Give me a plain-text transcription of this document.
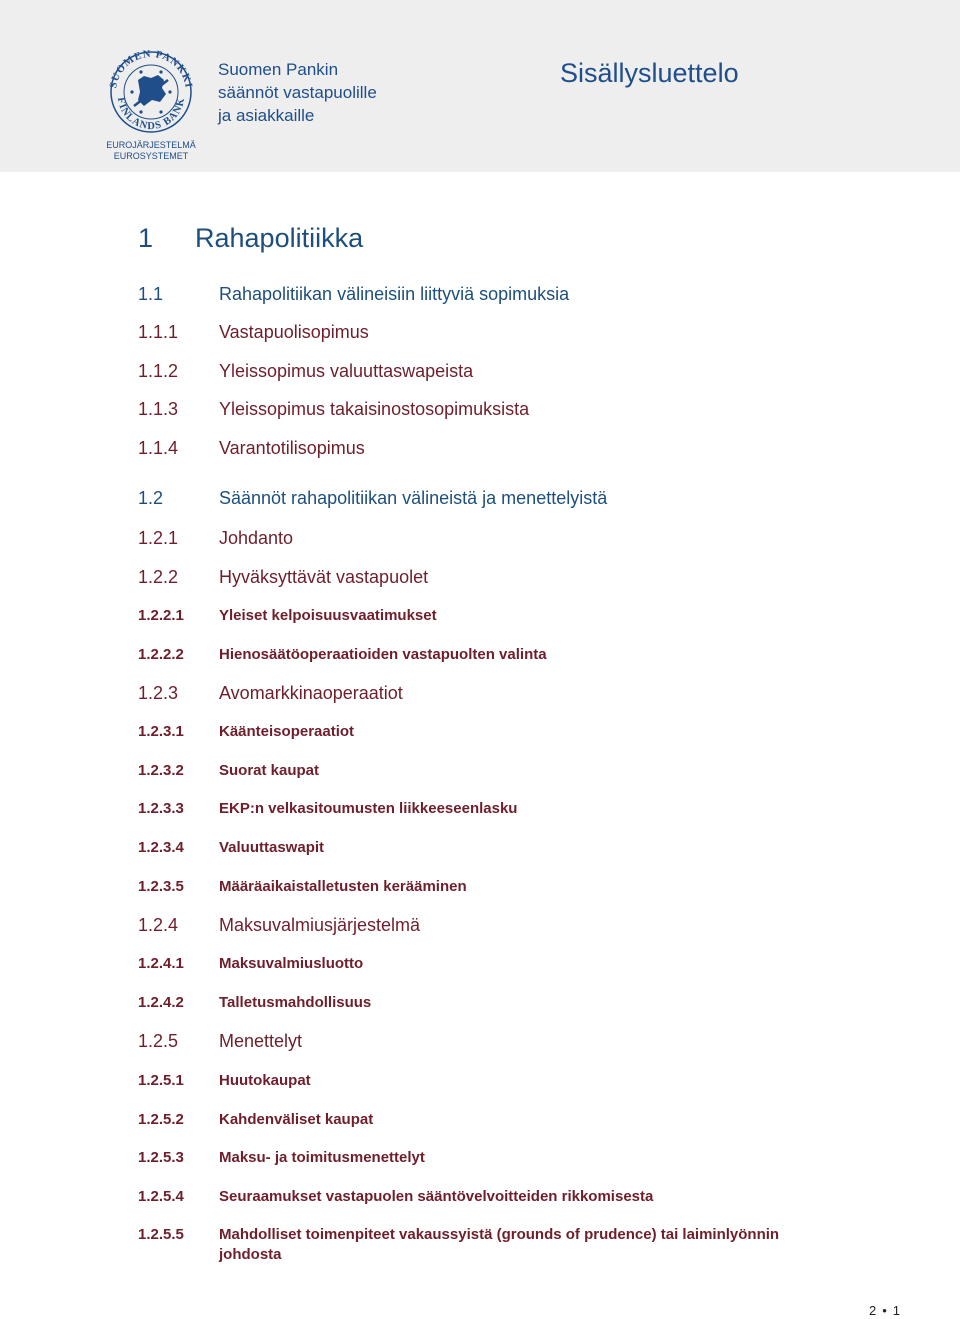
SUOMEN PANKKI
FINLANDS BANK
EUROJÄRJESTELMÄ
EUROSYSTEMET
Suomen Pankin
säännöt vastapuolille
ja asiakkaille
Sisällysluettelo
1 Rahapolitiikka
1.1	Rahapolitiikan välineisiin liittyviä sopimuksia
1.1.1 Vastapuolisopimus
1.1.2 Yleissopimus valuuttaswapeista
1.1.3 Yleissopimus takaisinostosopimuksista
1.1.4 Varantotilisopimus
1.2	Säännöt rahapolitiikan välineistä ja menettelyistä
1.2.1 Johdanto
1.2.2 Hyväksyttävät vastapuolet
1.2.2.1 Yleiset kelpoisuusvaatimukset
1.2.2.2 Hienosäätöoperaatioiden vastapuolten valinta
1.2.3 Avomarkkinaoperaatiot
1.2.3.1 Käänteisoperaatiot
1.2.3.2 Suorat kaupat
1.2.3.3 EKP:n velkasitoumusten liikkeeseenlasku
1.2.3.4 Valuuttaswapit
1.2.3.5 Määräaikaistalletusten kerääminen
1.2.4 Maksuvalmiusjärjestelmä
1.2.4.1 Maksuvalmiusluotto
1.2.4.2 Talletusmahdollisuus
1.2.5 Menettelyt
1.2.5.1 Huutokaupat
1.2.5.2 Kahdenväliset kaupat
1.2.5.3 Maksu- ja toimitusmenettelyt
1.2.5.4 Seuraamukset vastapuolen sääntövelvoitteiden rikkomisesta
1.2.5.5 Mahdolliset toimenpiteet vakaussyistä (grounds of prudence) tai laiminlyönnin johdosta
2 • 1
